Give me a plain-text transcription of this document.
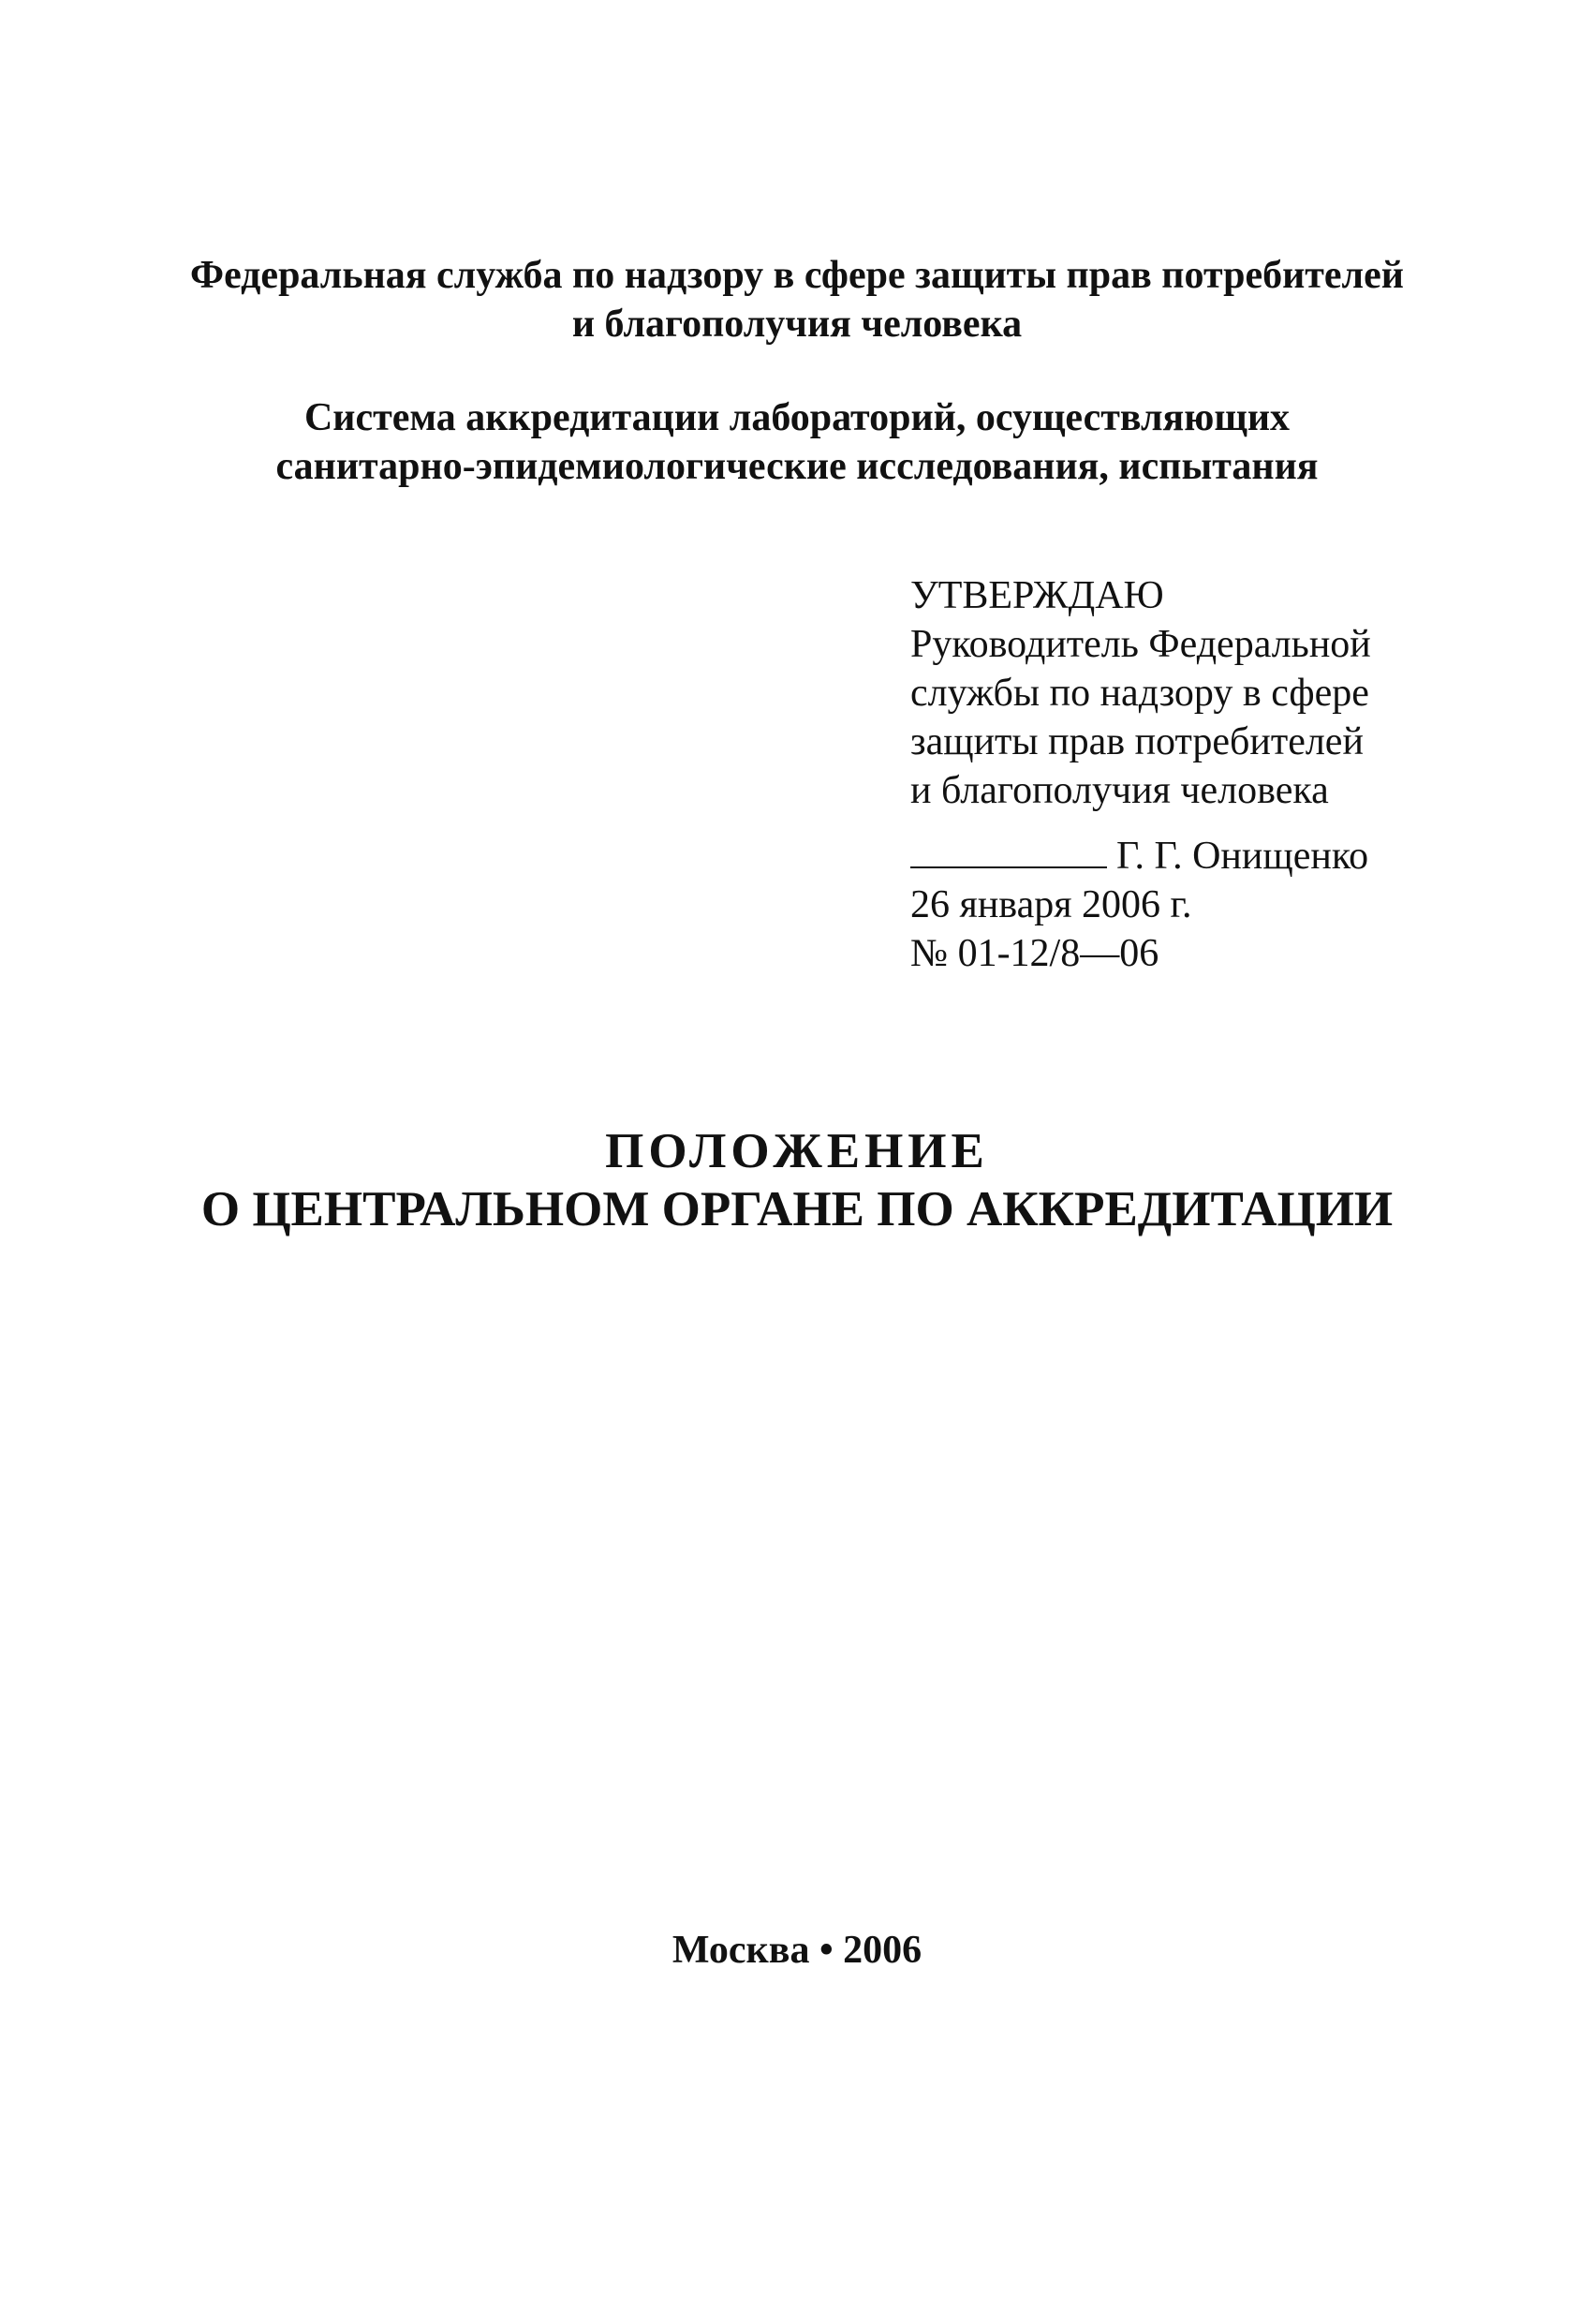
Федеральная служба по надзору в сфере защиты прав потребителей
и благополучия человека
Система аккредитации лабораторий, осуществляющих
санитарно-эпидемиологические исследования, испытания
УТВЕРЖДАЮ
Руководитель Федеральной
службы по надзору в сфере
защиты прав потребителей
и благополучия человека
Г. Г. Онищенко
26 января 2006 г.
№ 01-12/8—06
ПОЛОЖЕНИЕ
О ЦЕНТРАЛЬНОМ ОРГАНЕ ПО АККРЕДИТАЦИИ
Москва • 2006
